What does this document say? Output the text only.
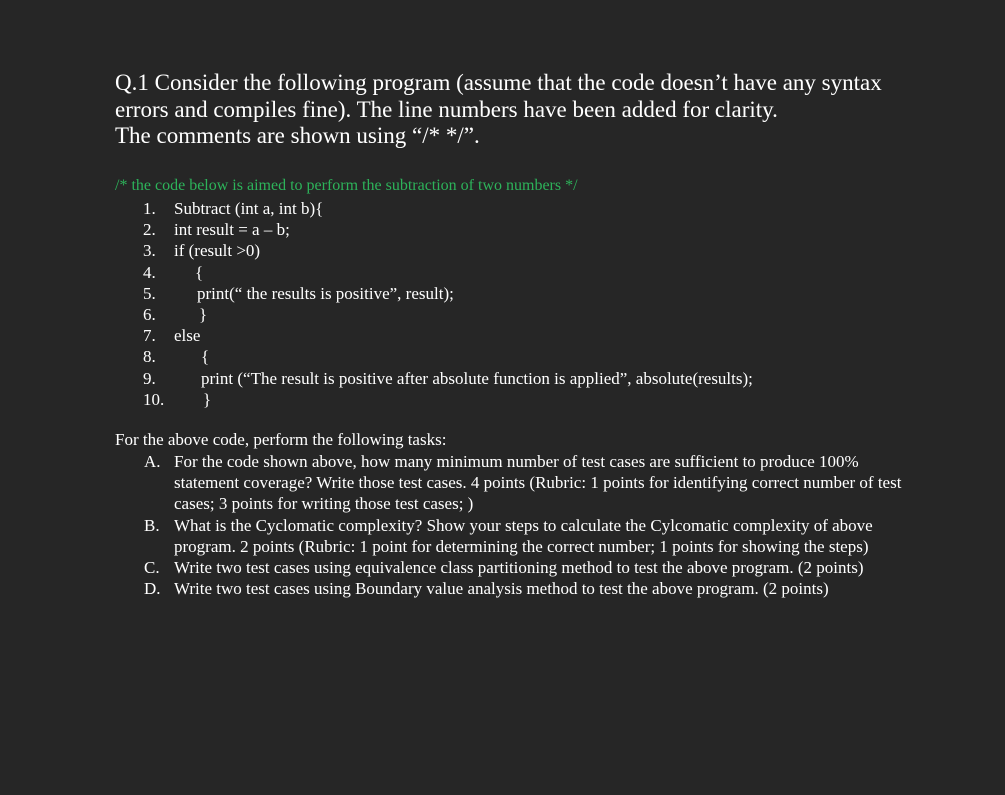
Q.1 Consider the following program (assume that the code doesn’t have any syntax
errors and compiles fine). The line numbers have been added for clarity.
The comments are shown using “/* */”.
/* the code below is aimed to perform the subtraction of two numbers */
1. Subtract (int a, int b){
2. int result = a – b;
3. if (result >0)
4. {
5. print(“ the results is positive”, result);
6.	}
7. else
8.	{
9.	print (“The result is positive after absolute function is applied”, absolute(results);
10. }
For the above code, perform the following tasks:
A. For the code shown above, how many minimum number of test cases are sufficient to produce 100% statement coverage? Write those test cases. 4 points (Rubric: 1 points for identifying correct number of test cases; 3 points for writing those test cases; )
B. What is the Cyclomatic complexity? Show your steps to calculate the Cylcomatic complexity of above program. 2 points (Rubric: 1 point for determining the correct number; 1 points for showing the steps)
C. Write two test cases using equivalence class partitioning method to test the above program. (2 points)
D. Write two test cases using Boundary value analysis method to test the above program. (2 points)
